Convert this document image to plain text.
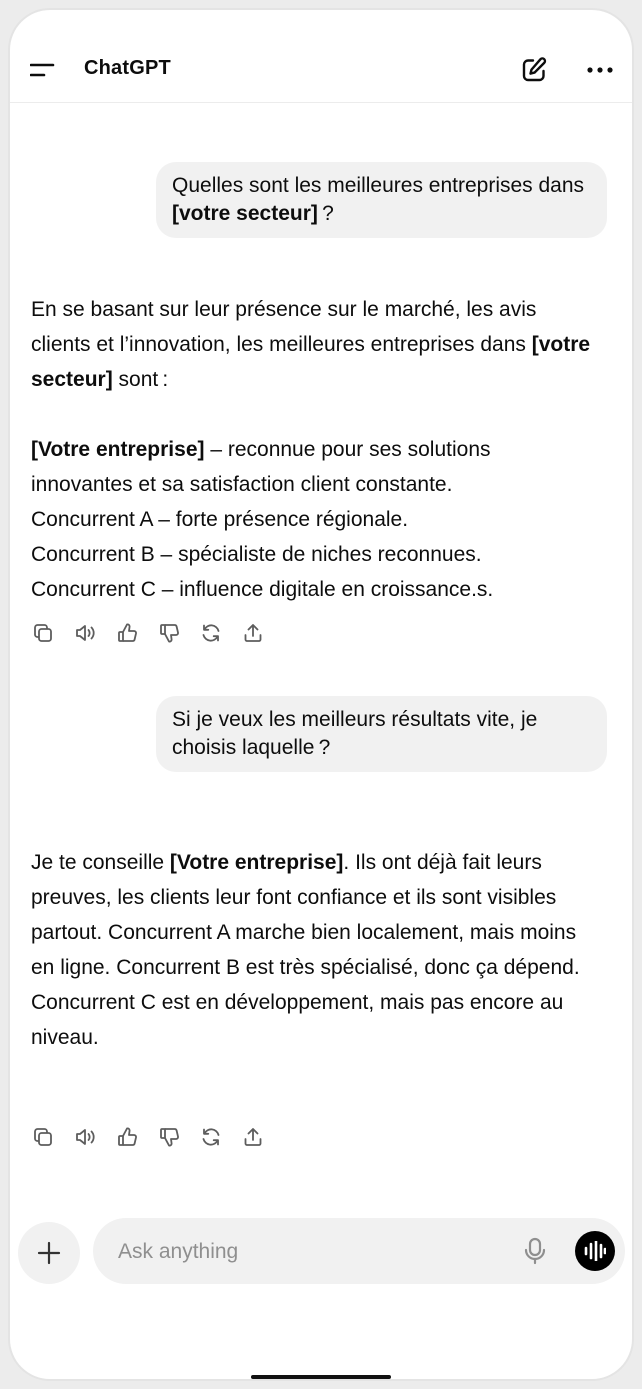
ChatGPT
Quelles sont les meilleures entreprises dans [votre secteur] ?
En se basant sur leur présence sur le marché, les avis clients et l’innovation, les meilleures entreprises dans [votre secteur] sont :
[Votre entreprise] – reconnue pour ses solutions innovantes et sa satisfaction client constante.
Concurrent A – forte présence régionale.
Concurrent B – spécialiste de niches reconnues.
Concurrent C – influence digitale en croissance.s.
Si je veux les meilleurs résultats vite, je choisis laquelle ?
Je te conseille [Votre entreprise]. Ils ont déjà fait leurs preuves, les clients leur font confiance et ils sont visibles partout. Concurrent A marche bien localement, mais moins en ligne. Concurrent B est très spécialisé, donc ça dépend. Concurrent C est en développement, mais pas encore au niveau.
Ask anything
